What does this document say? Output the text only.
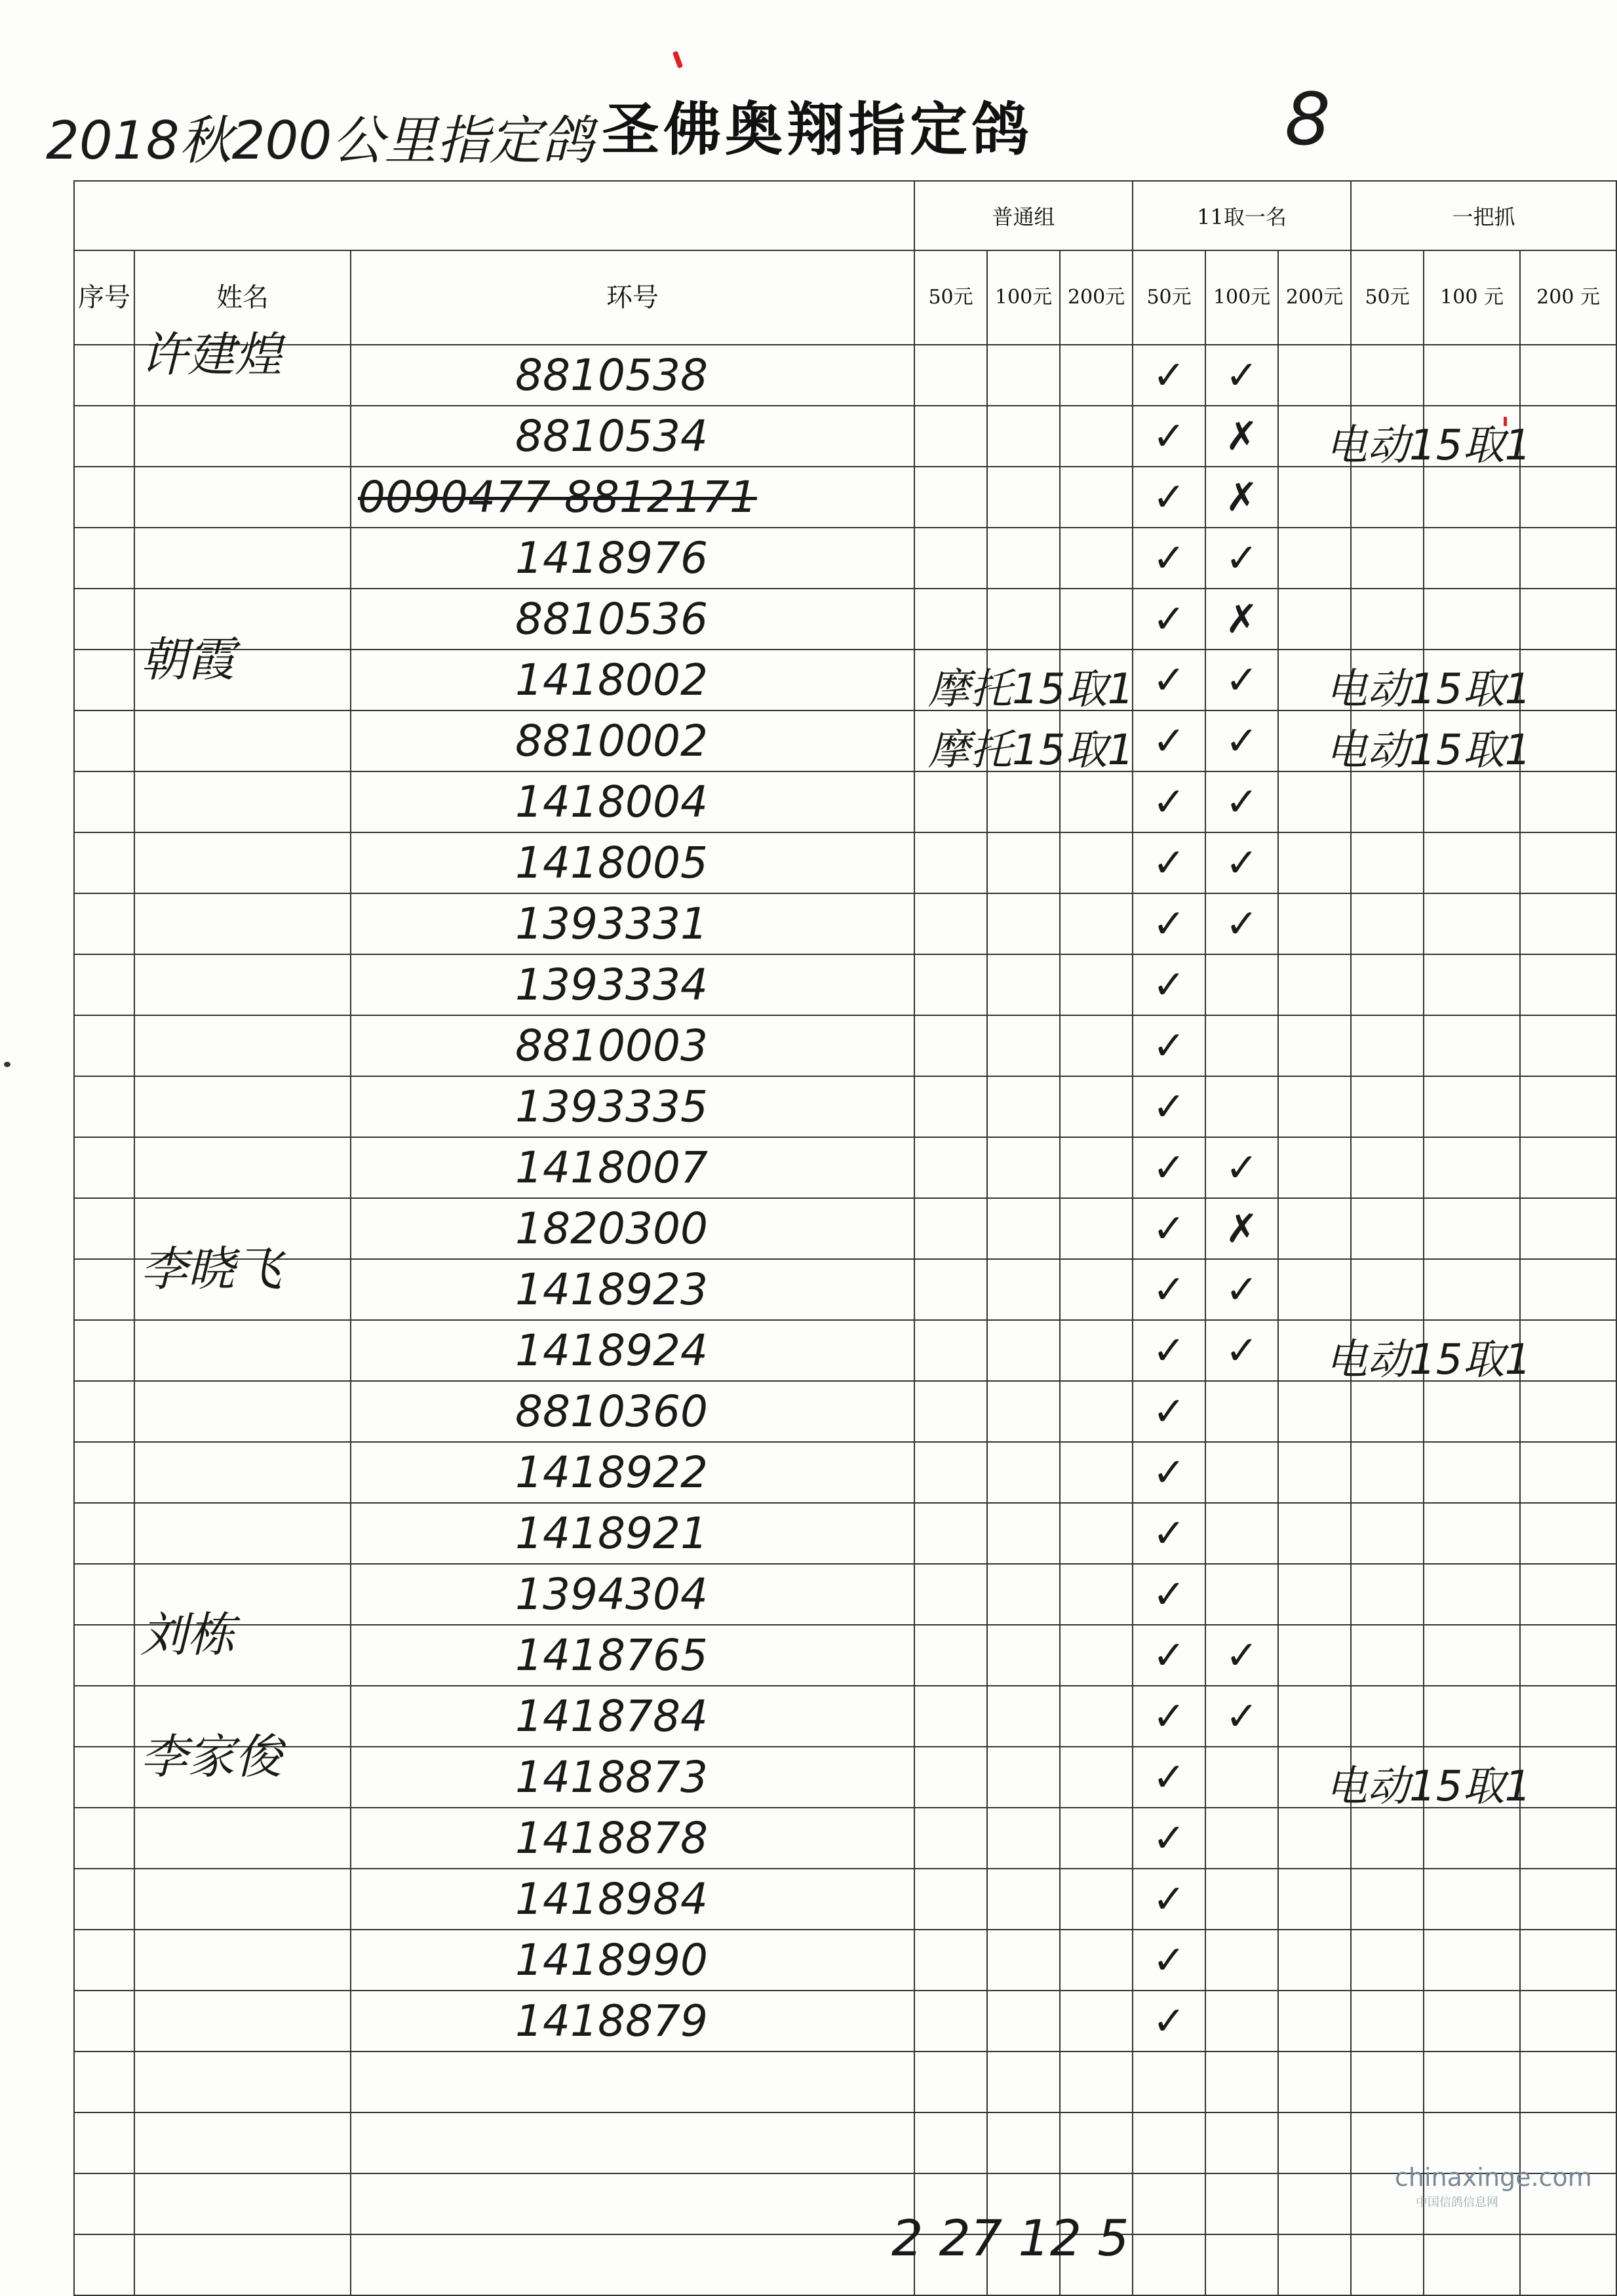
2018秋200公里指定鸽 圣佛奥翔指定鸽	8
			普通组			11取一名			一把抓		
序号	姓名	环号	50元	100元	200元	50元	100元	200元	50元	100 元	200 元

	许建煌	8810538				✓	✓				
		8810534				✓	✗		电动15取1		

		0090477 8812171				✓	✗				
		1418976				✓	✓				
		8810536				✓	✗				

	朝霞	1418002	摩托15取1			✓	✓		电动15取1		

		8810002	摩托15取1			✓	✓		电动15取1		

		1418004				✓	✓				
		1418005				✓	✓				
		1393331				✓	✓				
		1393334				✓					
		8810003				✓					
		1393335				✓					
		1418007				✓	✓				
		1820300				✓	✗				

	李晓飞	1418923				✓	✓				
		1418924				✓	✓		电动15取1		

		8810360				✓					
		1418922				✓					
		1418921				✓					
		1394304				✓					

	刘栋	1418765				✓	✓				
		1418784				✓	✓				

	李家俊	1418873				✓			电动15取1		

		1418878				✓					
		1418984				✓					
		1418990				✓					
		1418879				✓					

2 27 12 5
chinaxinge.com
中国信鸽信息网
